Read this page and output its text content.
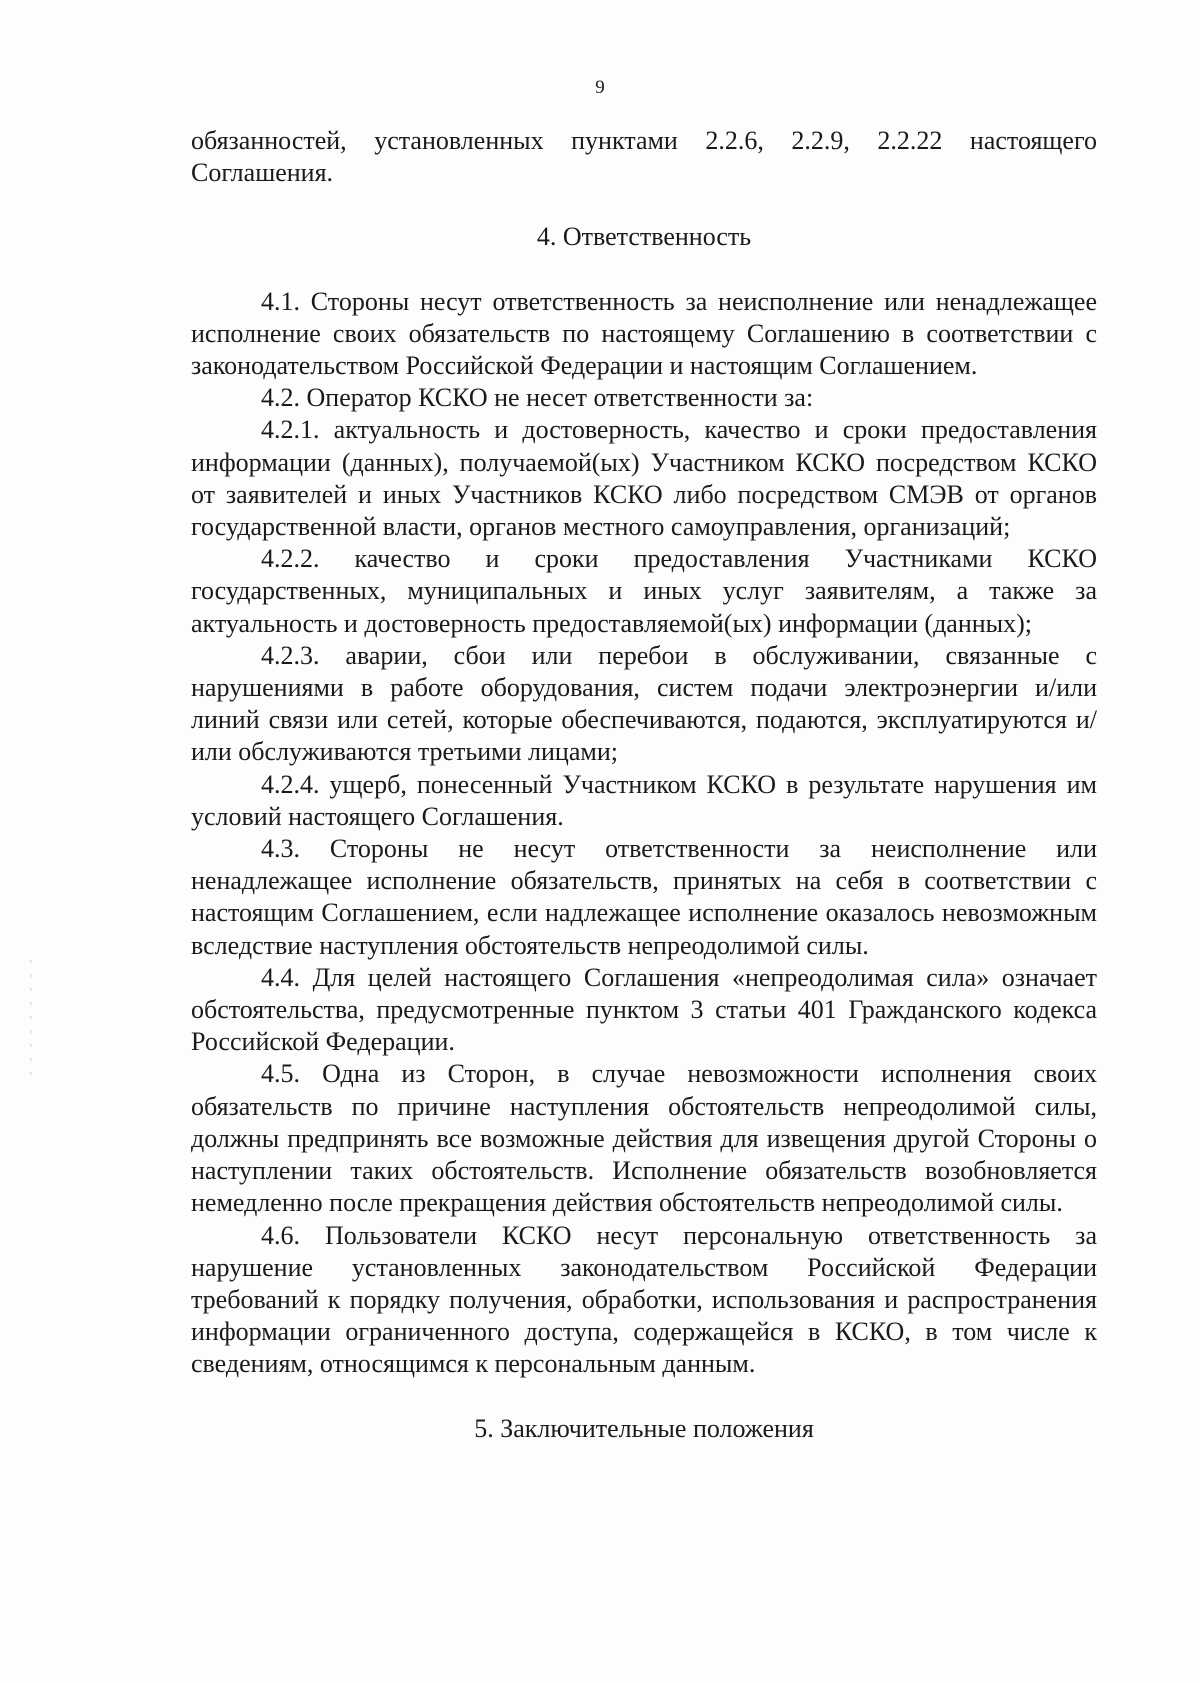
9

обязанностей, установленных пунктами 2.2.6, 2.2.9, 2.2.22 настоящего Соглашения.

4. Ответственность

4.1. Стороны несут ответственность за неисполнение или ненадлежащее исполнение своих обязательств по настоящему Соглашению в соответствии с законодательством Российской Федерации и настоящим Соглашением.

4.2. Оператор КСКО не несет ответственности за:

4.2.1. актуальность и достоверность, качество и сроки предоставления информации (данных), получаемой(ых) Участником КСКО посредством КСКО от заявителей и иных Участников КСКО либо посредством СМЭВ от органов государственной власти, органов местного самоуправления, организаций;

4.2.2. качество и сроки предоставления Участниками КСКО государственных, муниципальных и иных услуг заявителям, а также за актуальность и достоверность предоставляемой(ых) информации (данных);

4.2.3. аварии, сбои или перебои в обслуживании, связанные с нарушениями в работе оборудования, систем подачи электроэнергии и/или линий связи или сетей, которые обеспечиваются, подаются, эксплуатируются и/или обслуживаются третьими лицами;

4.2.4. ущерб, понесенный Участником КСКО в результате нарушения им условий настоящего Соглашения.

4.3. Стороны не несут ответственности за неисполнение или ненадлежащее исполнение обязательств, принятых на себя в соответствии с настоящим Соглашением, если надлежащее исполнение оказалось невозможным вследствие наступления обстоятельств непреодолимой силы.

4.4. Для целей настоящего Соглашения «непреодолимая сила» означает обстоятельства, предусмотренные пунктом 3 статьи 401 Гражданского кодекса Российской Федерации.

4.5. Одна из Сторон, в случае невозможности исполнения своих обязательств по причине наступления обстоятельств непреодолимой силы, должны предпринять все возможные действия для извещения другой Стороны о наступлении таких обстоятельств. Исполнение обязательств возобновляется немедленно после прекращения действия обстоятельств непреодолимой силы.

4.6. Пользователи КСКО несут персональную ответственность за нарушение установленных законодательством Российской Федерации требований к порядку получения, обработки, использования и распространения информации ограниченного доступа, содержащейся в КСКО, в том числе к сведениям, относящимся к персональным данным.

5. Заключительные положения
